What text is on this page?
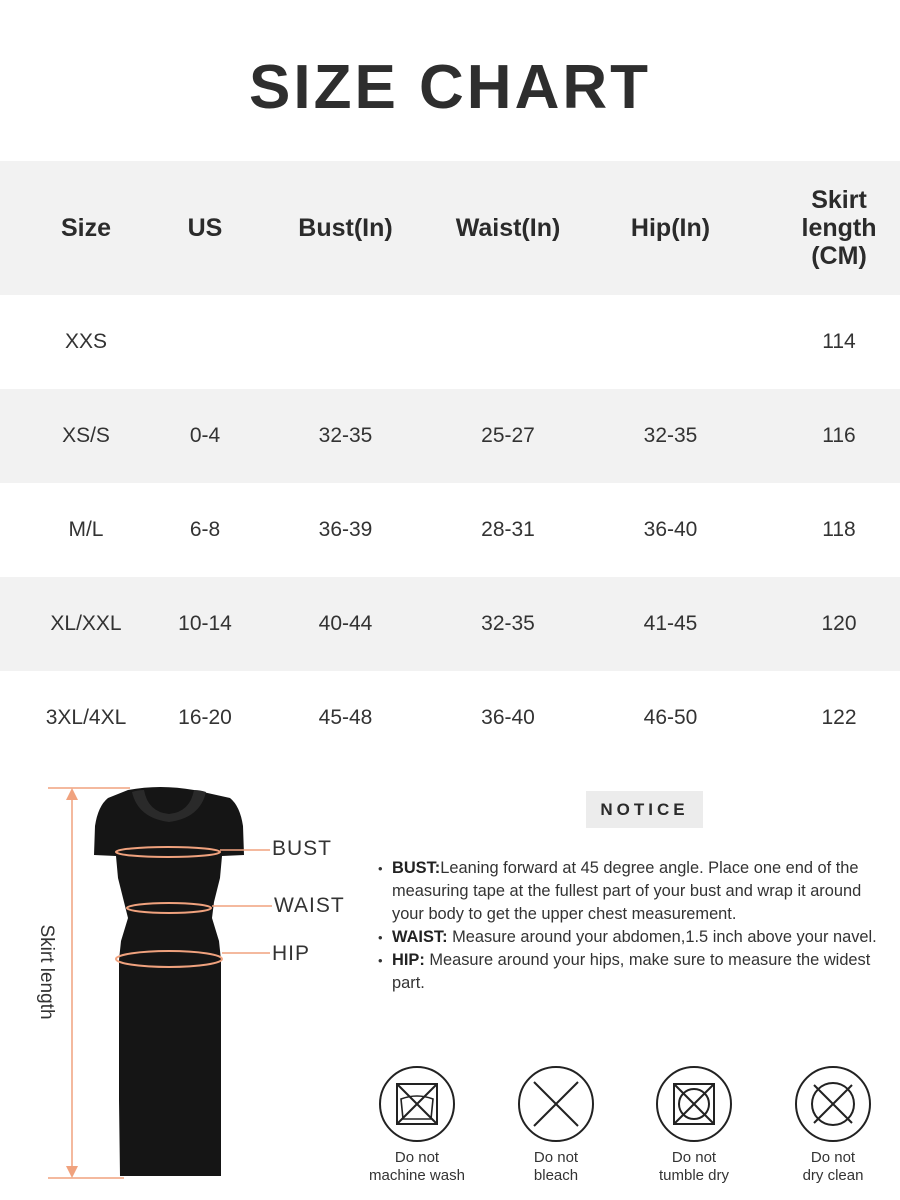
SIZE CHART
Size	US	Bust(In)	Waist(In)	Hip(In)	Skirt length (CM)
XXS					114
XS/S	0-4	32-35	25-27	32-35	116
M/L	6-8	36-39	28-31	36-40	118
XL/XXL	10-14	40-44	32-35	41-45	120
3XL/4XL	16-20	45-48	36-40	46-50	122
BUST
WAIST
HIP
Skirt length
NOTICE
• BUST:Leaning forward at 45 degree angle. Place one end of the measuring tape at the fullest part of your bust and wrap it around your body to get the upper chest measurement.
• WAIST: Measure around your abdomen,1.5 inch above your navel.
• HIP: Measure around your hips, make sure to measure the widest part.
Do not
machine wash
Do not
bleach
Do not
tumble dry
Do not
dry clean
